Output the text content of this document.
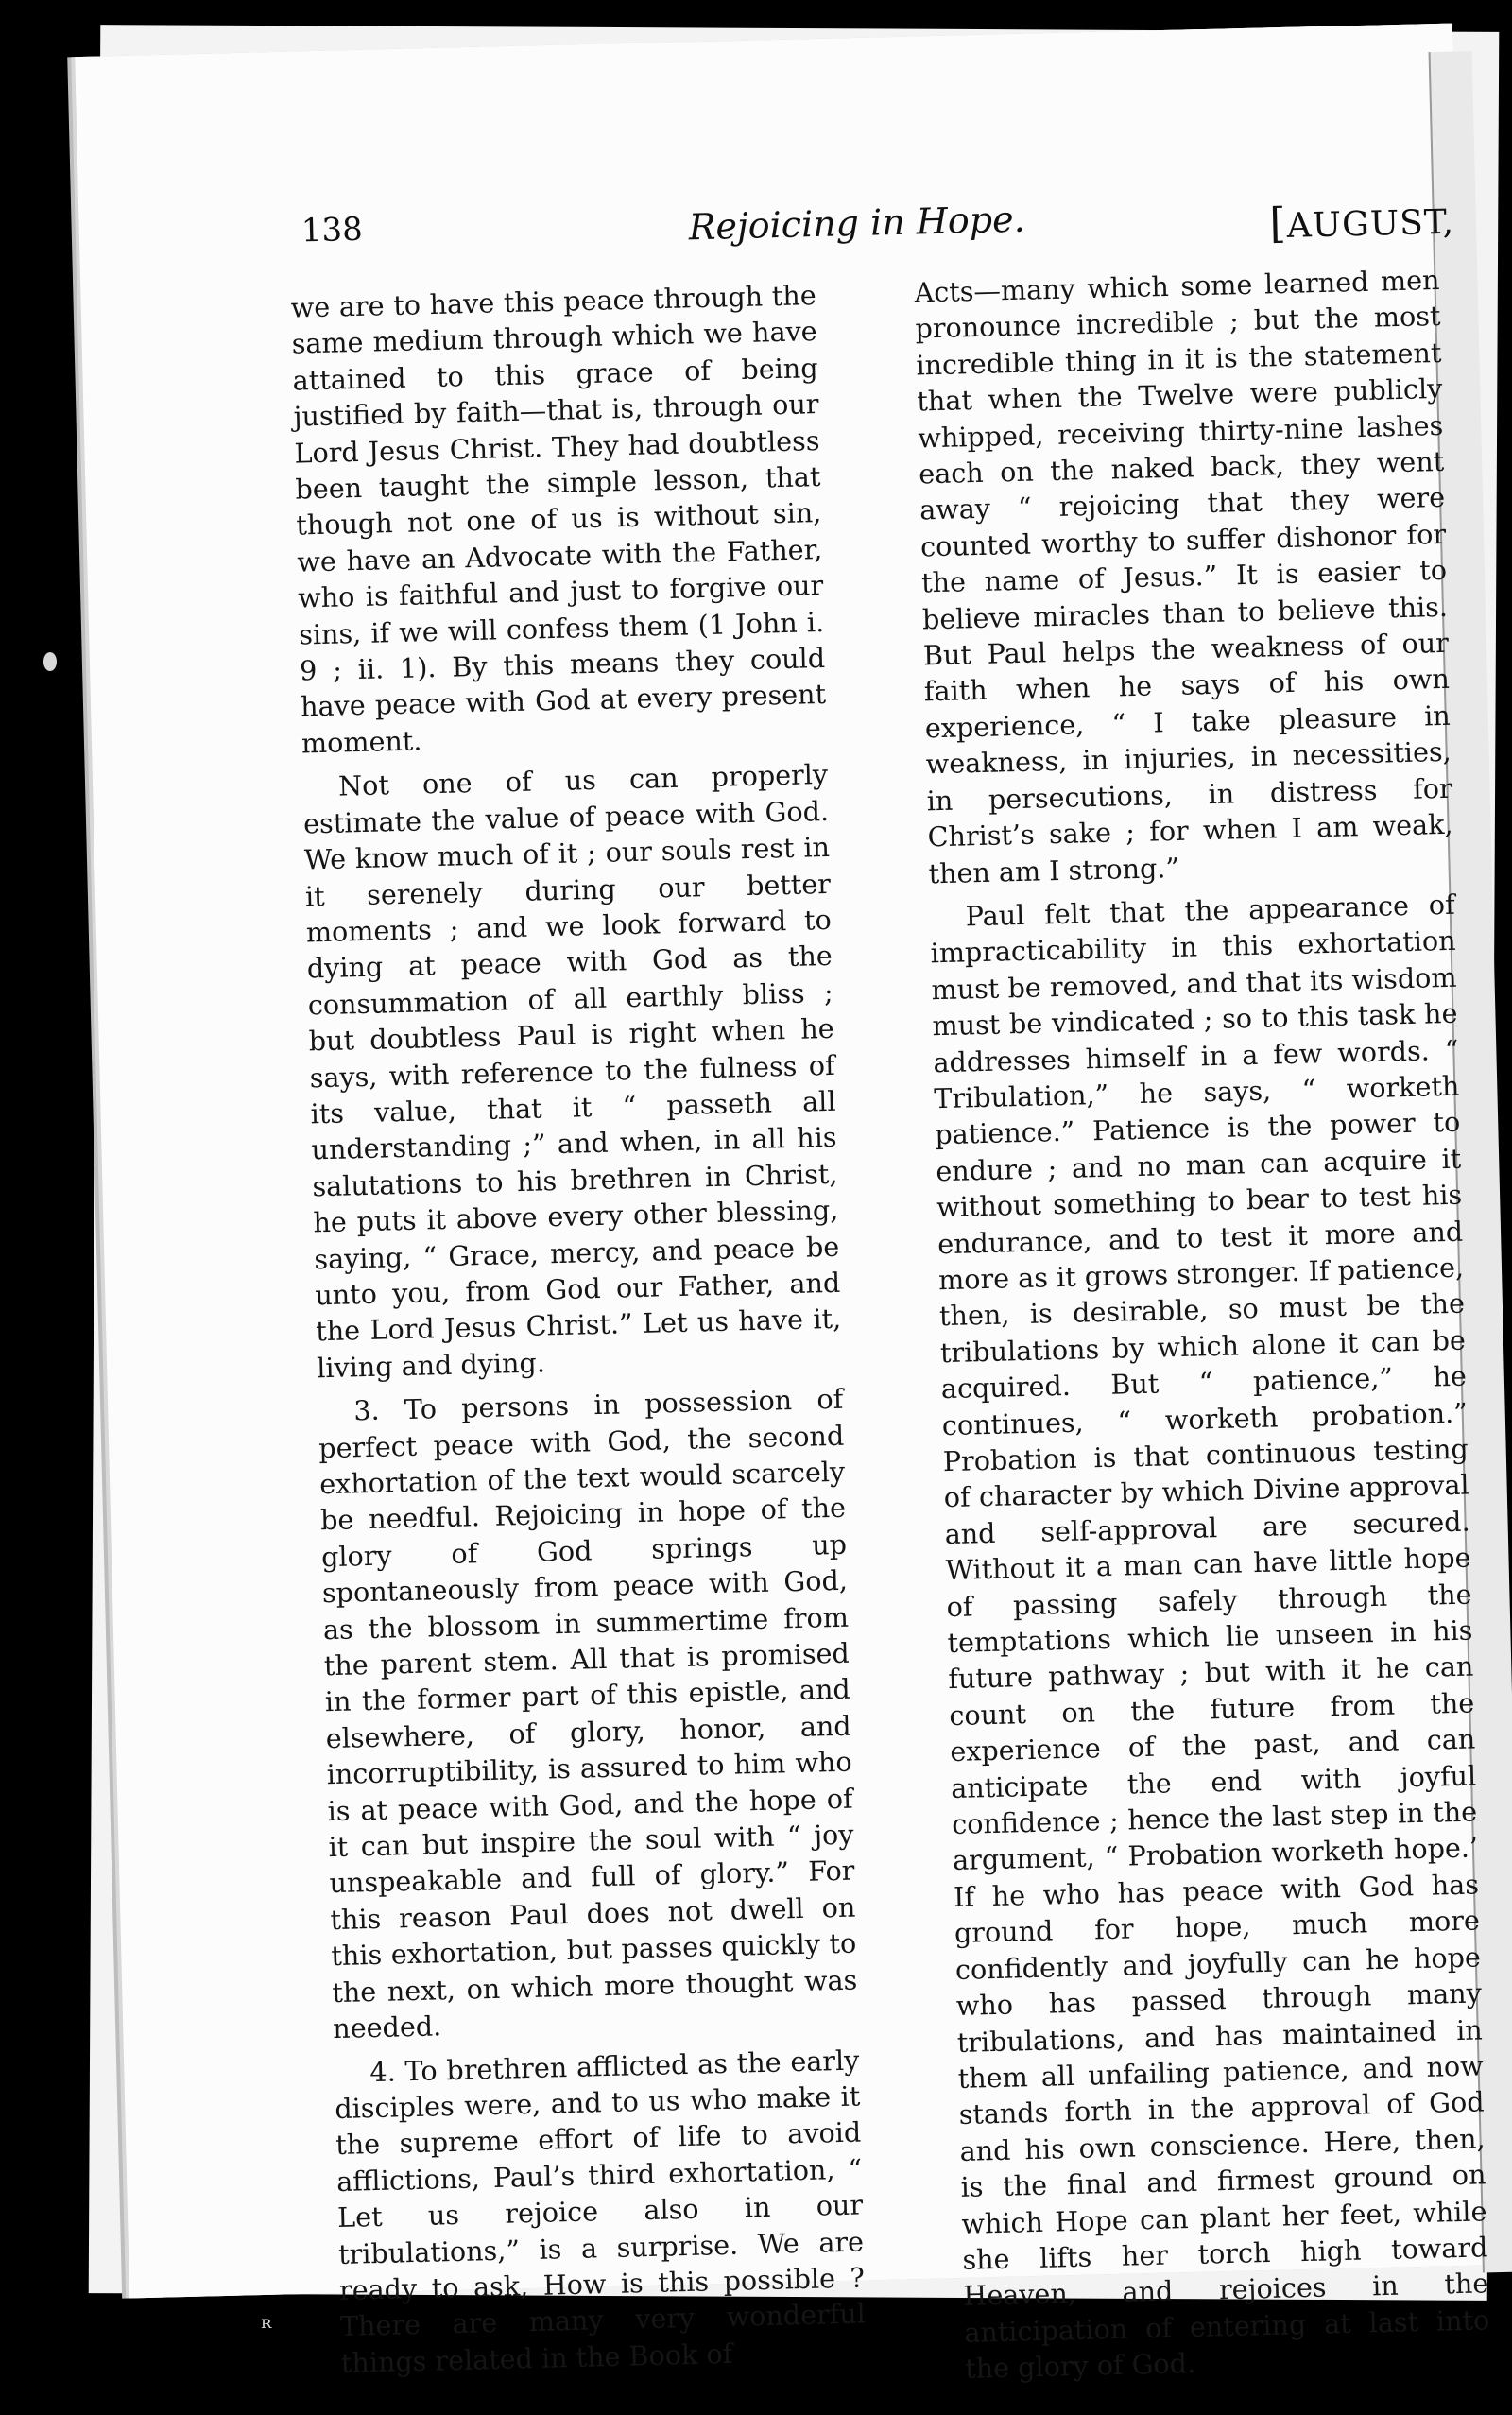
138	Rejoicing in Hope.	[AUGUST,

we are to have this peace through the same medium through which we have attained to this grace of being justified by faith—that is, through our Lord Jesus Christ. They had doubtless been taught the simple lesson, that though not one of us is without sin, we have an Advocate with the Father, who is faithful and just to forgive our sins, if we will confess them (1 John i. 9 ; ii. 1). By this means they could have peace with God at every present moment.

Not one of us can properly estimate the value of peace with God. We know much of it ; our souls rest in it serenely during our better moments ; and we look forward to dying at peace with God as the consummation of all earthly bliss ; but doubtless Paul is right when he says, with reference to the fulness of its value, that it “ passeth all understanding ;” and when, in all his salutations to his brethren in Christ, he puts it above every other blessing, saying, “ Grace, mercy, and peace be unto you, from God our Father, and the Lord Jesus Christ.” Let us have it, living and dying.

3. To persons in possession of perfect peace with God, the second exhortation of the text would scarcely be needful. Rejoicing in hope of the glory of God springs up spontaneously from peace with God, as the blossom in summertime from the parent stem. All that is promised in the former part of this epistle, and elsewhere, of glory, honor, and incorruptibility, is assured to him who is at peace with God, and the hope of it can but inspire the soul with “ joy unspeakable and full of glory.” For this reason Paul does not dwell on this exhortation, but passes quickly to the next, on which more thought was needed.

4. To brethren afflicted as the early disciples were, and to us who make it the supreme effort of life to avoid afflictions, Paul’s third exhortation, “ Let us rejoice also in our tribulations,” is a surprise. We are ready to ask, How is this possible ? There are many very wonderful things related in the Book of

Acts—many which some learned men pronounce incredible ; but the most incredible thing in it is the statement that when the Twelve were publicly whipped, receiving thirty-nine lashes each on the naked back, they went away “ rejoicing that they were counted worthy to suffer dishonor for the name of Jesus.” It is easier to believe miracles than to believe this. But Paul helps the weakness of our faith when he says of his own experience, “ I take pleasure in weakness, in injuries, in necessities, in persecutions, in distress for Christ’s sake ; for when I am weak, then am I strong.”

Paul felt that the appearance of impracticability in this exhortation must be removed, and that its wisdom must be vindicated ; so to this task he addresses himself in a few words. “ Tribulation,” he says, “ worketh patience.” Patience is the power to endure ; and no man can acquire it without something to bear to test his endurance, and to test it more and more as it grows stronger. If patience, then, is desirable, so must be the tribulations by which alone it can be acquired. But “ patience,” he continues, “ worketh probation.” Probation is that continuous testing of character by which Divine approval and self-approval are secured. Without it a man can have little hope of passing safely through the temptations which lie unseen in his future pathway ; but with it he can count on the future from the experience of the past, and can anticipate the end with joyful confidence ; hence the last step in the argument, “ Probation worketh hope.’ If he who has peace with God has ground for hope, much more confidently and joyfully can he hope who has passed through many tribulations, and has maintained in them all unfailing patience, and now stands forth in the approval of God and his own conscience. Here, then, is the final and firmest ground on which Hope can plant her feet, while she lifts her torch high toward Heaven, and rejoices in the anticipation of entering at last into the glory of God.

ᴿ
